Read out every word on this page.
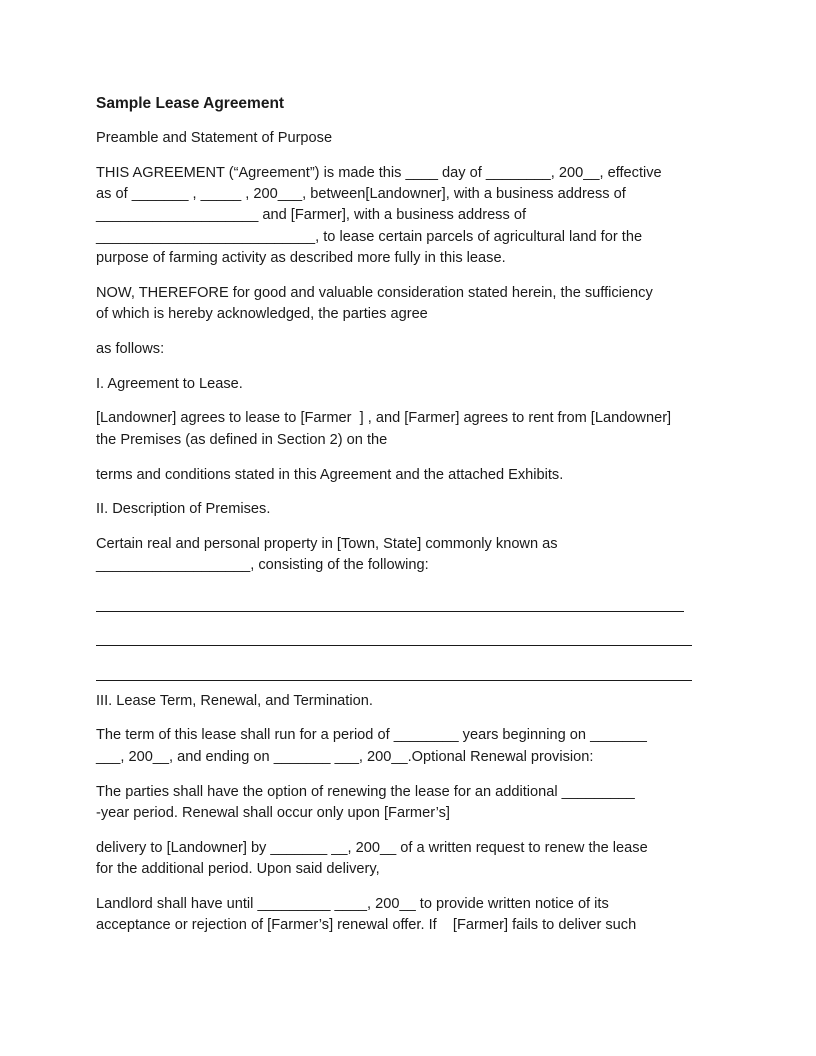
Sample Lease Agreement
Preamble and Statement of Purpose
THIS AGREEMENT (“Agreement”) is made this ____ day of ________, 200__, effective
as of _______ , _____ , 200___, between[Landowner], with a business address of
____________________ and [Farmer], with a business address of
___________________________, to lease certain parcels of agricultural land for the
purpose of farming activity as described more fully in this lease.
NOW, THEREFORE for good and valuable consideration stated herein, the sufficiency
of which is hereby acknowledged, the parties agree
as follows:
I. Agreement to Lease.
[Landowner] agrees to lease to [Farmer  ] , and [Farmer] agrees to rent from [Landowner]
the Premises (as defined in Section 2) on the
terms and conditions stated in this Agreement and the attached Exhibits.
II. Description of Premises.
Certain real and personal property in [Town, State] commonly known as
___________________, consisting of the following:
III. Lease Term, Renewal, and Termination.
The term of this lease shall run for a period of ________ years beginning on _______
___, 200__, and ending on _______ ___, 200__.Optional Renewal provision:
The parties shall have the option of renewing the lease for an additional _________
-year period. Renewal shall occur only upon [Farmer’s]
delivery to [Landowner] by _______ __, 200__ of a written request to renew the lease
for the additional period. Upon said delivery,
Landlord shall have until _________ ____, 200__ to provide written notice of its
acceptance or rejection of [Farmer’s] renewal offer. If    [Farmer] fails to deliver such
